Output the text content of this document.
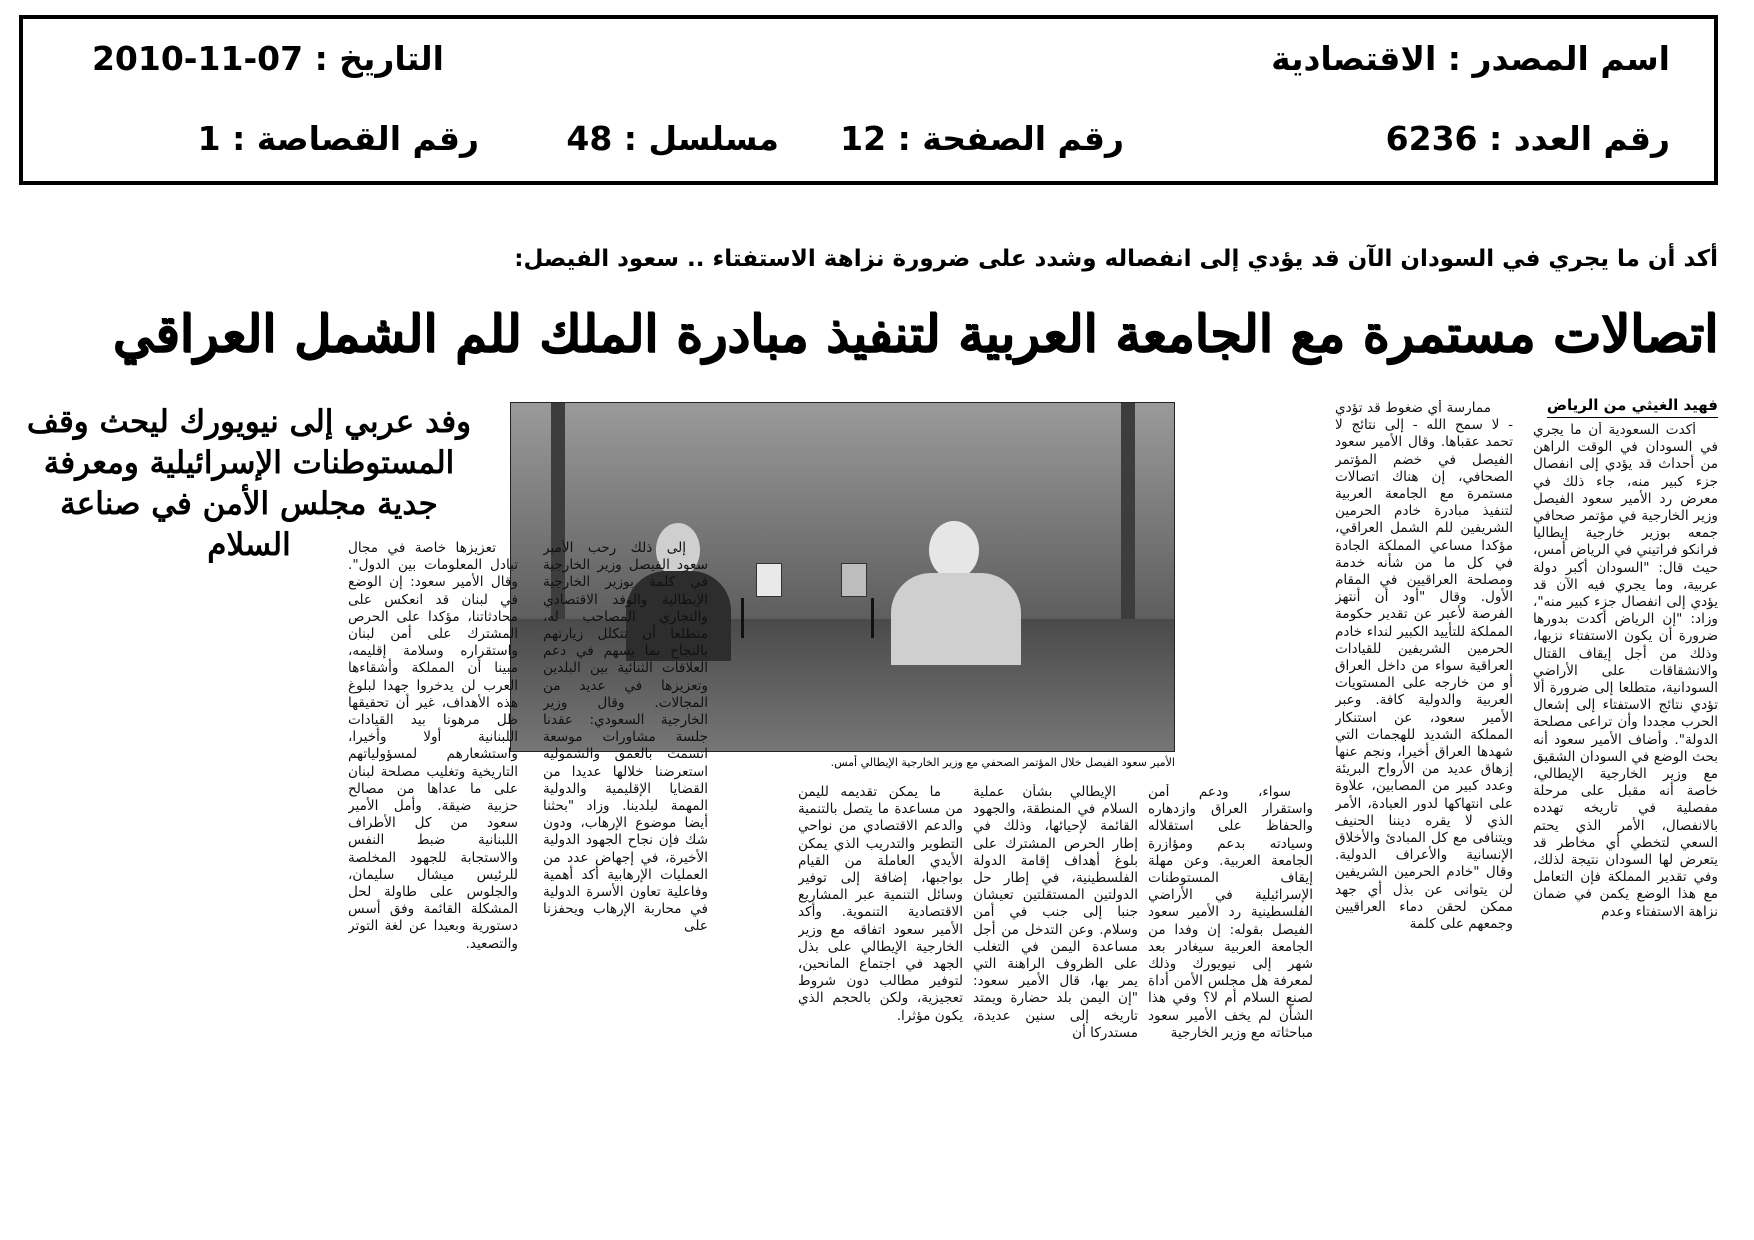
اسم المصدر : الاقتصادية
التاريخ : 07-11-2010
رقم العدد : 6236
رقم الصفحة : 12
مسلسل : 48
رقم القصاصة : 1
أكد أن ما يجري في السودان الآن قد يؤدي إلى انفصاله وشدد على ضرورة نزاهة الاستفتاء .. سعود الفيصل:
اتصالات مستمرة مع الجامعة العربية لتنفيذ مبادرة الملك للم الشمل العراقي
فهيد الغيثي من الرياض

أكدت السعودية أن ما يجري في السودان في الوقت الراهن من أحداث قد يؤدي إلى انفصال جزء كبير منه، جاء ذلك في معرض رد الأمير سعود الفيصل وزير الخارجية في مؤتمر صحافي جمعه بوزير خارجية إيطاليا فرانكو فراتيني في الرياض أمس، حيث قال: "السودان أكبر دولة عربية، وما يجري فيه الآن قد يؤدي إلى انفصال جزء كبير منه"، وزاد: "إن الرياض أكدت بدورها ضرورة أن يكون الاستفتاء نزيها، وذلك من أجل إيقاف القتال والانشقاقات على الأراضي السودانية، متطلعا إلى ضرورة ألا تؤدي نتائج الاستفتاء إلى إشعال الحرب مجددا وأن تراعى مصلحة الدولة". وأضاف الأمير سعود أنه بحث الوضع في السودان الشقيق مع وزير الخارجية الإيطالي، خاصة أنه مقبل على مرحلة مفصلية في تاريخه تهدده بالانفصال، الأمر الذي يحتم السعي لتخطي أي مخاطر قد يتعرض لها السودان نتيجة لذلك، وفي تقدير المملكة فإن التعامل مع هذا الوضع يكمن في ضمان نزاهة الاستفتاء وعدم

ممارسة أي ضغوط قد تؤدي - لا سمح الله - إلى نتائج لا تحمد عقباها. وقال الأمير سعود الفيصل في خضم المؤتمر الصحافي، إن هناك اتصالات مستمرة مع الجامعة العربية لتنفيذ مبادرة خادم الحرمين الشريفين للم الشمل العراقي، مؤكدا مساعي المملكة الجادة في كل ما من شأنه خدمة ومصلحة العراقيين في المقام الأول. وقال "أود أن أنتهز الفرصة لأعبر عن تقدير حكومة المملكة للتأييد الكبير لنداء خادم الحرمين الشريفين للقيادات العراقية سواء من داخل العراق أو من خارجه على المستويات العربية والدولية كافة. وعبر الأمير سعود، عن استنكار المملكة الشديد للهجمات التي شهدها العراق أخيرا، ونجم عنها إزهاق عديد من الأرواح البريئة وعدد كبير من المصابين، علاوة على انتهاكها لدور العبادة، الأمر الذي لا يقره ديننا الحنيف ويتنافى مع كل المبادئ والأخلاق الإنسانية والأعراف الدولية. وقال "خادم الحرمين الشريفين لن يتوانى عن بذل أي جهد ممكن لحقن دماء العراقيين وجمعهم على كلمة

الأمير سعود الفيصل خلال المؤتمر الصحفي مع وزير الخارجية الإيطالي أمس.
وفد عربي إلى نيويورك ليحث وقف المستوطنات الإسرائيلية ومعرفة جدية مجلس الأمن في صناعة السلام

سواء، ودعم أمن واستقرار العراق وازدهاره والحفاظ على استقلاله وسيادته بدعم ومؤازرة الجامعة العربية. وعن مهلة إيقاف المستوطنات الإسرائيلية في الأراضي الفلسطينية رد الأمير سعود الفيصل بقوله: إن وفدا من الجامعة العربية سيغادر بعد شهر إلى نيويورك وذلك لمعرفة هل مجلس الأمن أداة لصنع السلام أم لا؟ وفي هذا الشأن لم يخف الأمير سعود مباحثاته مع وزير الخارجية

الإيطالي بشأن عملية السلام في المنطقة، والجهود القائمة لإحيائها، وذلك في إطار الحرص المشترك على بلوغ أهداف إقامة الدولة الفلسطينية، في إطار حل الدولتين المستقلتين تعيشان جنبا إلى جنب في أمن وسلام. وعن التدخل من أجل مساعدة اليمن في التغلب على الظروف الراهنة التي يمر بها، قال الأمير سعود: "إن اليمن بلد حضارة ويمتد تاريخه إلى سنين عديدة، مستدركا أن

ما يمكن تقديمه لليمن من مساعدة ما يتصل بالتنمية والدعم الاقتصادي من نواحي التطوير والتدريب الذي يمكن الأيدي العاملة من القيام بواجبها، إضافة إلى توفير وسائل التنمية عبر المشاريع الاقتصادية التنموية. وأكد الأمير سعود اتفاقه مع وزير الخارجية الإيطالي على بذل الجهد في اجتماع المانحين، لتوفير مطالب دون شروط تعجيزية، ولكن بالحجم الذي يكون مؤثرا.

إلى ذلك رحب الأمير سعود الفيصل وزير الخارجية في كلمة بوزير الخارجية الإيطالية والوفد الاقتصادي والتجاري المصاحب له، متطلعا أن تتكلل زيارتهم بالنجاح بما يسهم في دعم العلاقات الثنائية بين البلدين وتعزيزها في عديد من المجالات. وقال وزير الخارجية السعودي: عقدنا جلسة مشاورات موسعة اتسمت بالعمق والشمولية استعرضنا خلالها عديدا من القضايا الإقليمية والدولية المهمة لبلدينا. وزاد "بحثنا أيضا موضوع الإرهاب، ودون شك فإن نجاح الجهود الدولية الأخيرة، في إجهاض عدد من العمليات الإرهابية أكد أهمية وفاعلية تعاون الأسرة الدولية في محاربة الإرهاب ويحفزنا على

تعزيزها خاصة في مجال تبادل المعلومات بين الدول". وقال الأمير سعود: إن الوضع في لبنان قد انعكس على محادثاتنا، مؤكدا على الحرص المشترك على أمن لبنان واستقراره وسلامة إقليمه، مبينا أن المملكة وأشقاءها العرب لن يدخروا جهدا لبلوغ هذه الأهداف، غير أن تحقيقها ظل مرهونا بيد القيادات اللبنانية أولا وأخيرا، واستشعارهم لمسؤولياتهم التاريخية وتغليب مصلحة لبنان على ما عداها من مصالح حزبية ضيقة. وأمل الأمير سعود من كل الأطراف اللبنانية ضبط النفس والاستجابة للجهود المخلصة للرئيس ميشال سليمان، والجلوس على طاولة لحل المشكلة القائمة وفق أسس دستورية وبعيدا عن لغة التوتر والتصعيد.
